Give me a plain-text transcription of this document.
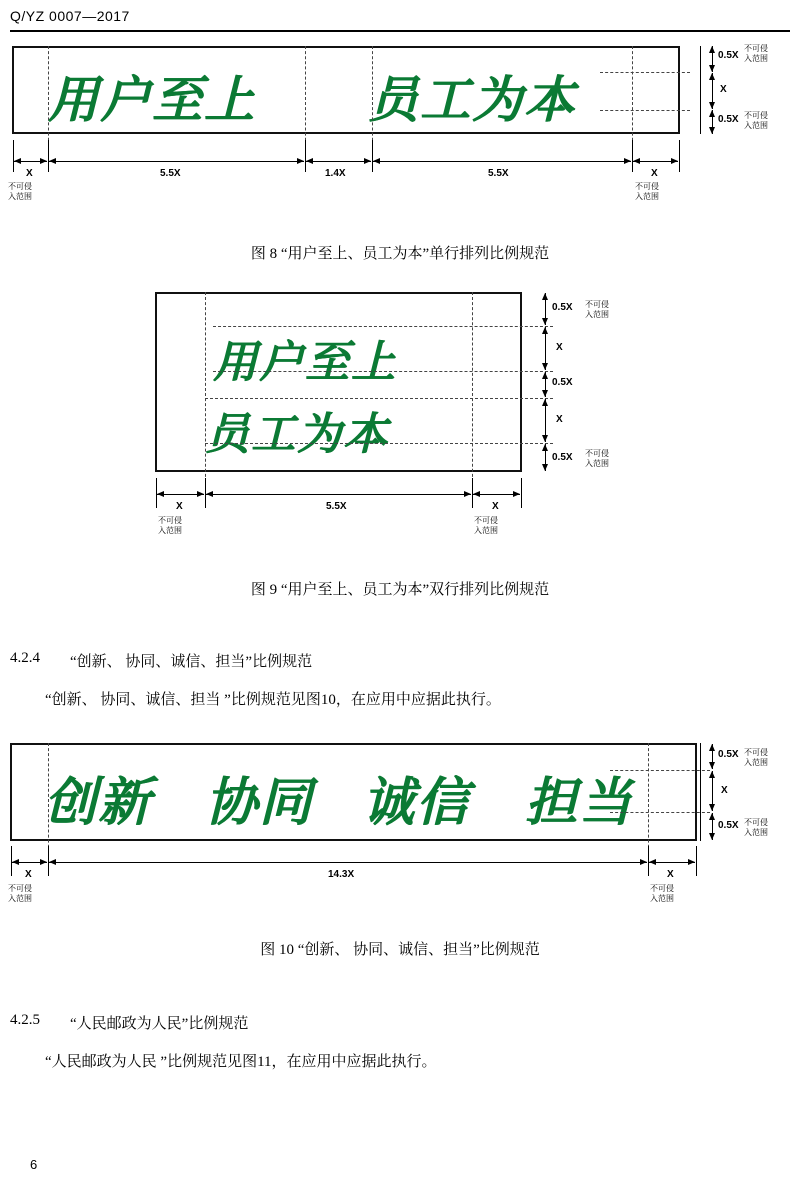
Q/YZ 0007—2017
用户至上 员工为本
0.5X
X
0.5X
不可侵
入范围
不可侵
入范围
X	5.5X	1.4X	5.5X	X
不可侵
入范围
不可侵
入范围
图 8 “用户至上、员工为本”单行排列比例规范
用户至上
员工为本
0.5X
X
0.5X
X
0.5X
不可侵
入范围
不可侵
入范围
X	5.5X	X
不可侵
入范围
不可侵
入范围
图 9 “用户至上、员工为本”双行排列比例规范
4.2.4 “创新、 协同、诚信、担当”比例规范
“创新、 协同、诚信、担当 ”比例规范见图10，在应用中应据此执行。
创新 协同 诚信 担当
0.5X
X
0.5X
不可侵
入范围
不可侵
入范围
X	14.3X	X
不可侵
入范围
不可侵
入范围
图 10 “创新、 协同、诚信、担当”比例规范
4.2.5 “人民邮政为人民”比例规范
“人民邮政为人民 ”比例规范见图11，在应用中应据此执行。
6
